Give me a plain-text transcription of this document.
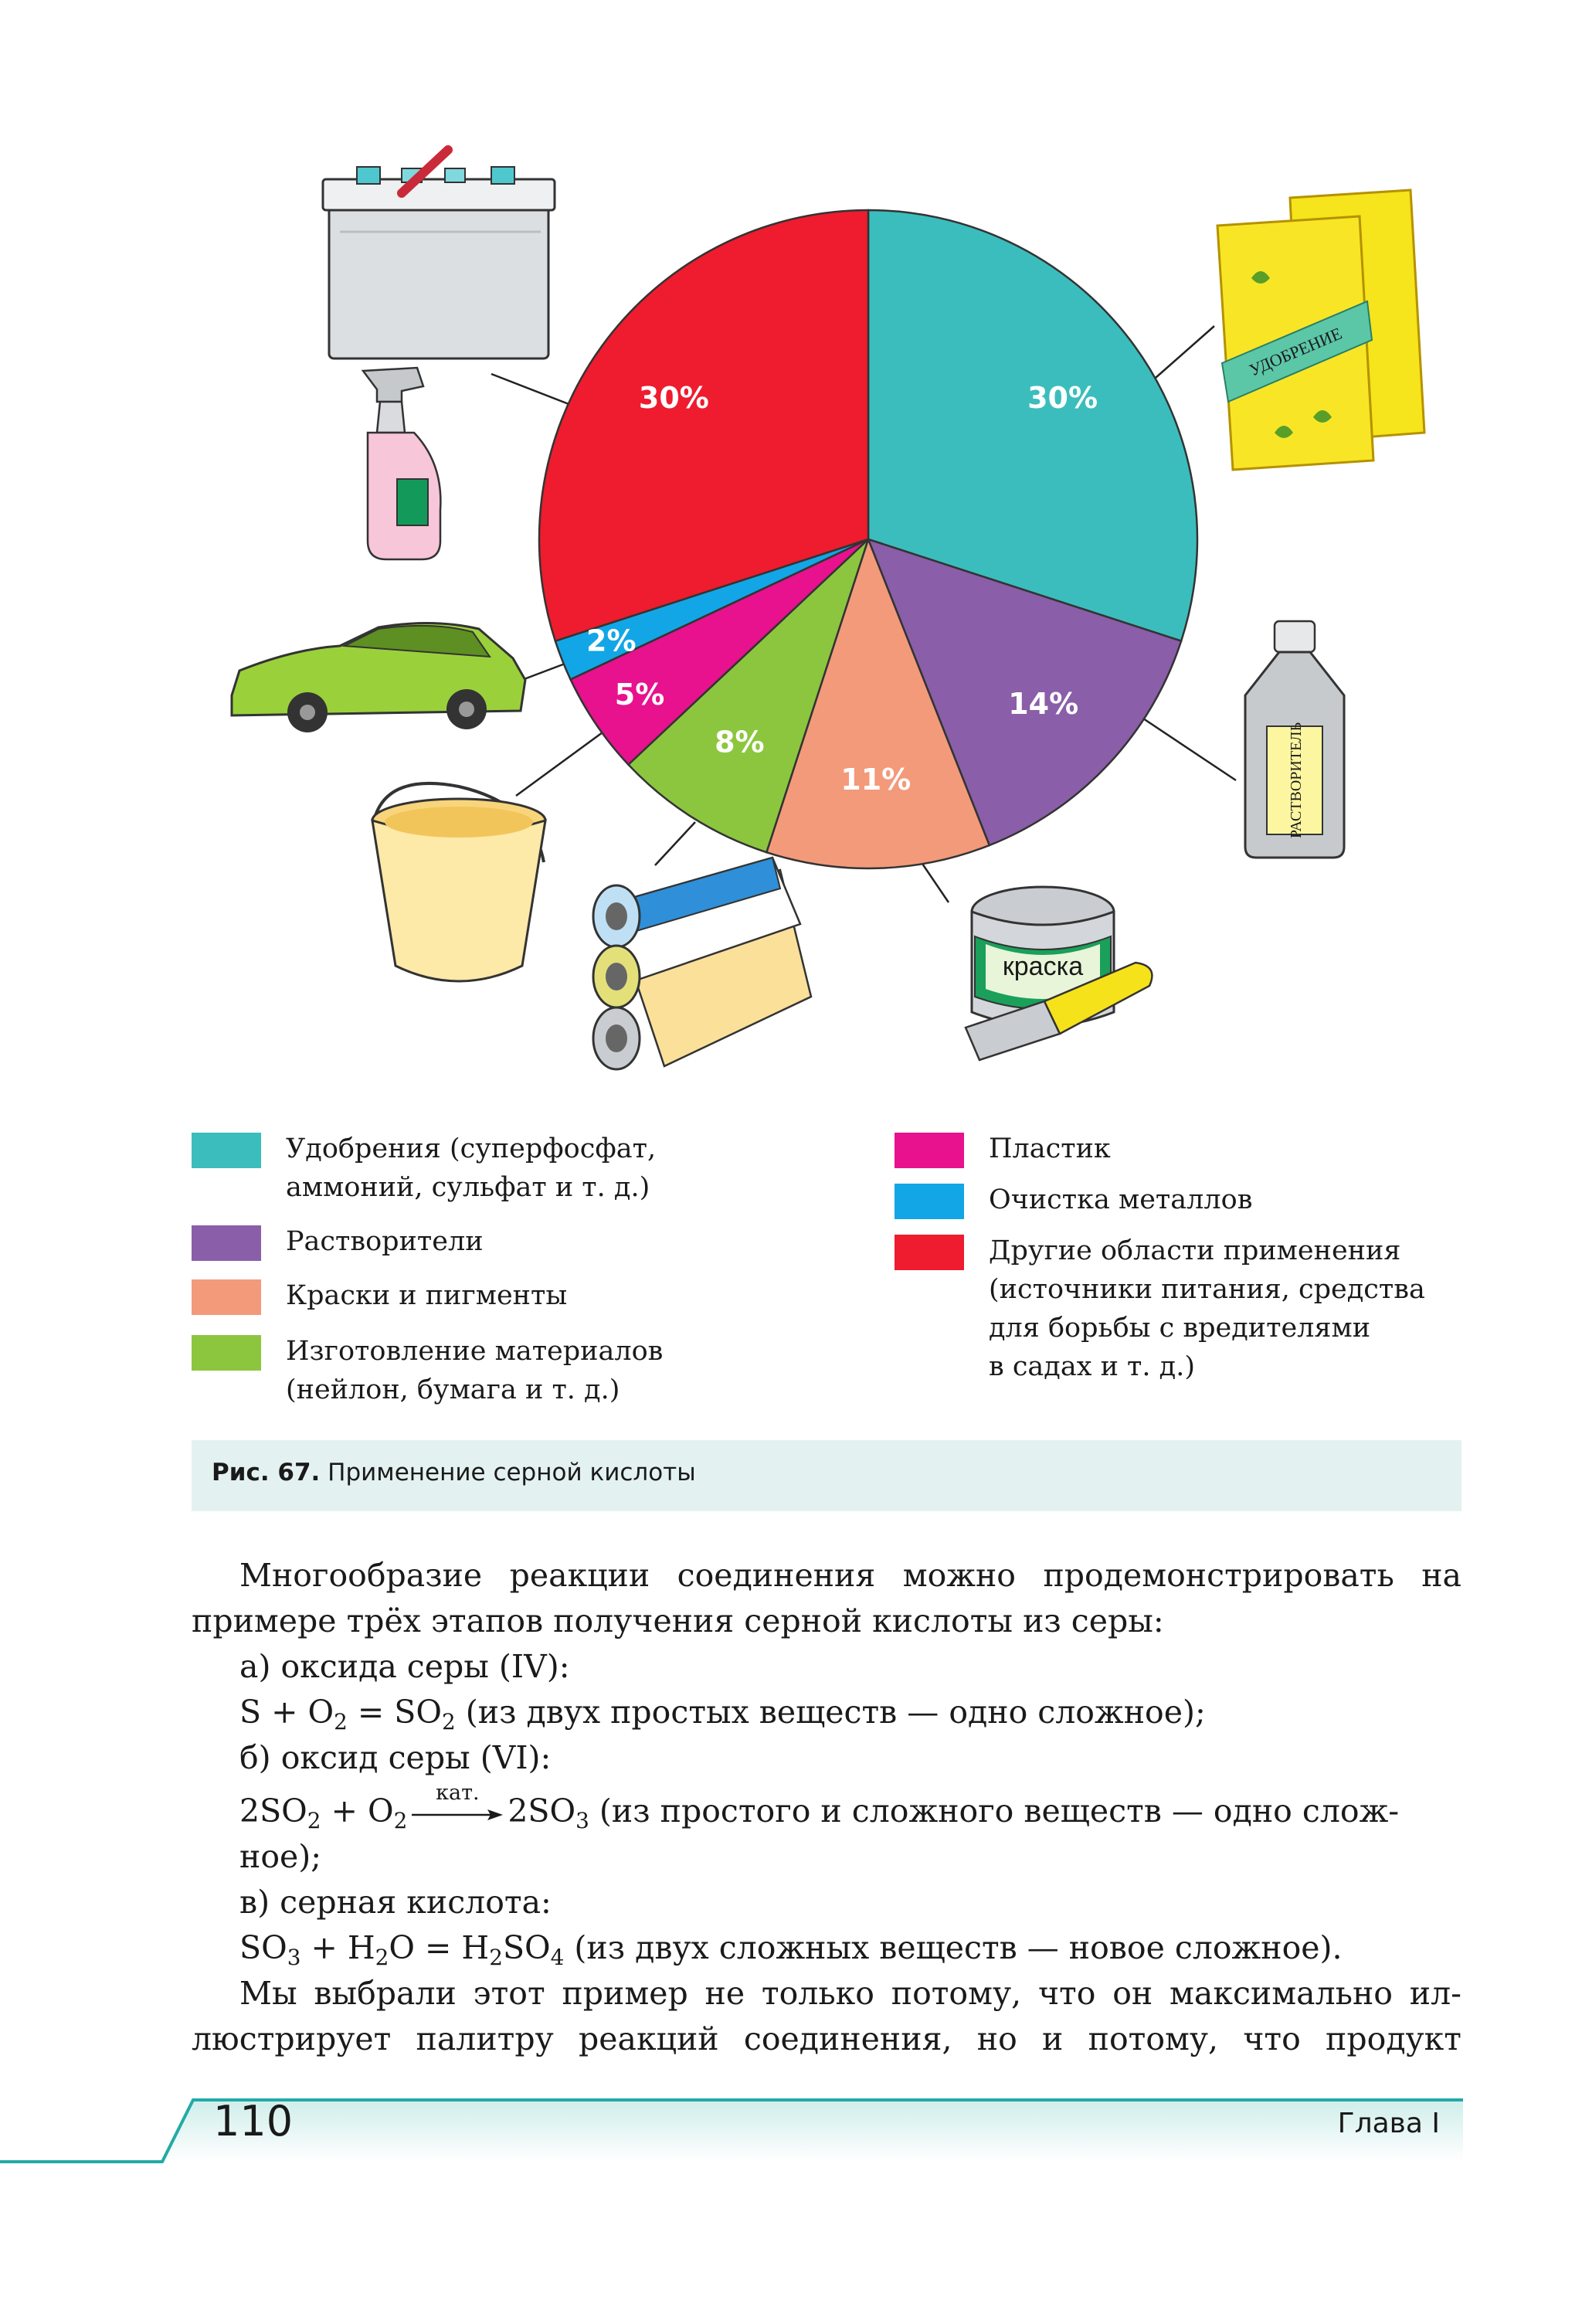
30%
14%
11%
8%
5%
2%
30%
краска
РАСТВОРИТЕЛЬ
УДОБРЕНИЕ
Удобрения (суперфосфат,
аммоний, сульфат и т. д.)
Растворители
Краски и пигменты
Изготовление материалов
(нейлон, бумага и т. д.)
Пластик
Очистка металлов
Другие области применения
(источники питания, средства
для борьбы с вредителями
в садах и т. д.)
Рис. 67. Применение серной кислоты

Многообразие реакции соединения можно продемонстрировать на

примере трёх этапов получения серной кислоты из серы:

а) оксида серы (IV):

$S + O_2 = SO_2$ (из двух простых веществ — одно сложное);

б) оксид серы (VI):

$2SO_2 + O_2$
кат. $2SO_3$ (из простого и сложного веществ — одно слож-

ное);

в) серная кислота:

$SO_3 + H_2O = H_2SO_4$ (из двух сложных веществ — новое сложное).

Мы выбрали этот пример не только потому, что он максимально ил-

люстрирует палитру реакций соединения, но и потому, что продукт

110	Глава I
